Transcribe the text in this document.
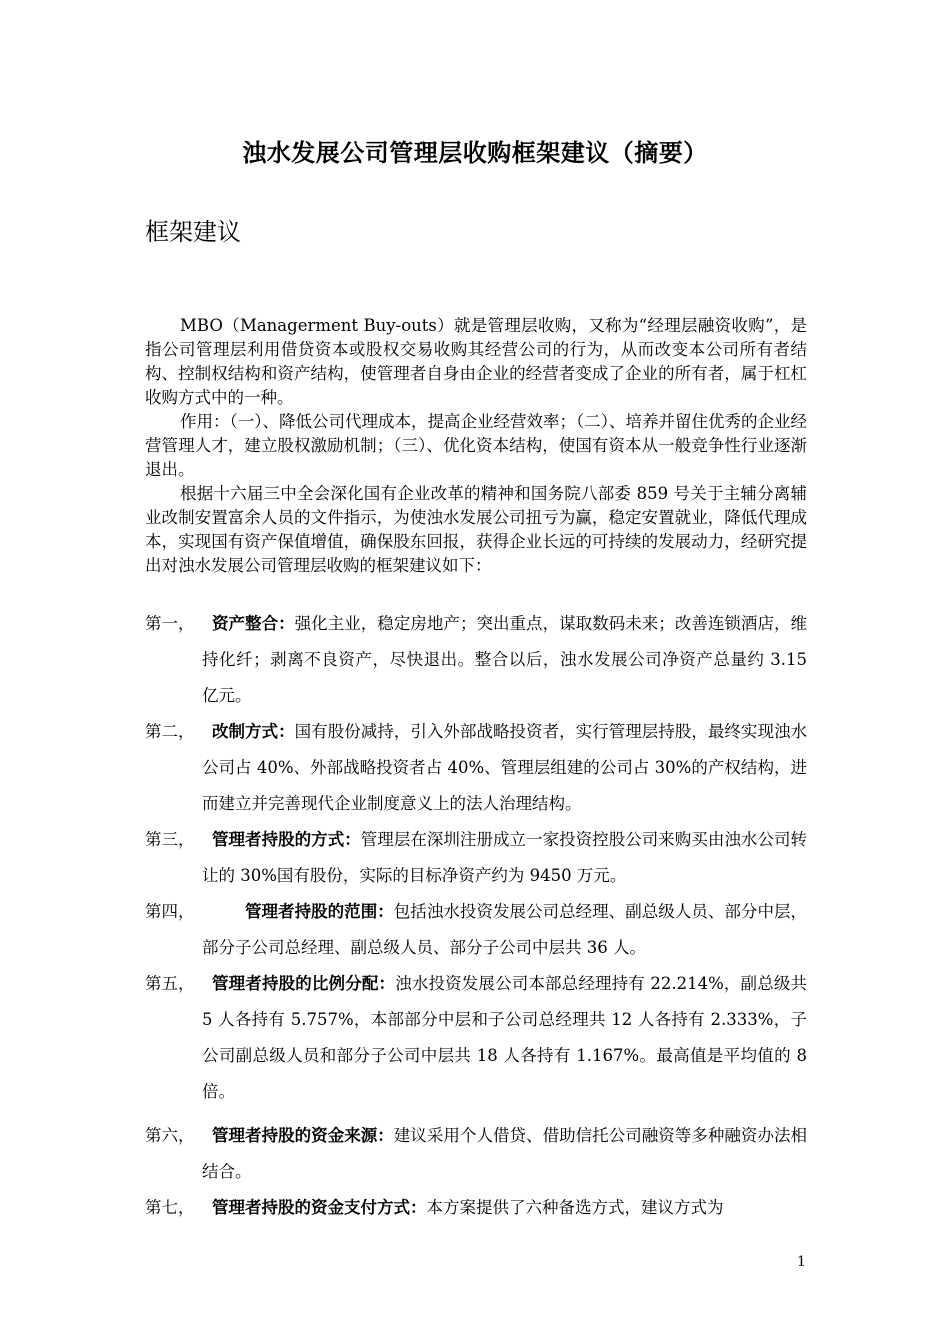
浊水发展公司管理层收购框架建议（摘要）
框架建议

MBO（Managerment Buy-outs）就是管理层收购，又称为“经理层融资收购”，是指公司管理层利用借贷资本或股权交易收购其经营公司的行为，从而改变本公司所有者结构、控制权结构和资产结构，使管理者自身由企业的经营者变成了企业的所有者，属于杠杠收购方式中的一种。

作用：（一）、降低公司代理成本，提高企业经营效率；（二）、培养并留住优秀的企业经营管理人才，建立股权激励机制；（三）、优化资本结构，使国有资本从一般竞争性行业逐渐退出。

根据十六届三中全会深化国有企业改革的精神和国务院八部委 859 号关于主辅分离辅业改制安置富余人员的文件指示，为使浊水发展公司扭亏为赢，稳定安置就业，降低代理成本，实现国有资产保值增值，确保股东回报，获得企业长远的可持续的发展动力，经研究提出对浊水发展公司管理层收购的框架建议如下：

第一，	资产整合：强化主业，稳定房地产；突出重点，谋取数码未来；改善连锁酒店，维持化纤；剥离不良资产，尽快退出。整合以后，浊水发展公司净资产总量约 3.15 亿元。
第二，	改制方式：国有股份减持，引入外部战略投资者，实行管理层持股，最终实现浊水公司占 40%、外部战略投资者占 40%、管理层组建的公司占 30%的产权结构，进而建立并完善现代企业制度意义上的法人治理结构。
第三，	管理者持股的方式：管理层在深圳注册成立一家投资控股公司来购买由浊水公司转让的 30%国有股份，实际的目标净资产约为 9450 万元。
第四，	管理者持股的范围：包括浊水投资发展公司总经理、副总级人员、部分中层，部分子公司总经理、副总级人员、部分子公司中层共 36 人。
第五，	管理者持股的比例分配：浊水投资发展公司本部总经理持有 22.214%，副总级共 5 人各持有 5.757%，本部部分中层和子公司总经理共 12 人各持有 2.333%，子公司副总级人员和部分子公司中层共 18 人各持有 1.167%。最高值是平均值的 8 倍。
第六，	管理者持股的资金来源：建议采用个人借贷、借助信托公司融资等多种融资办法相结合。
第七，	管理者持股的资金支付方式：本方案提供了六种备选方式，建议方式为
1
